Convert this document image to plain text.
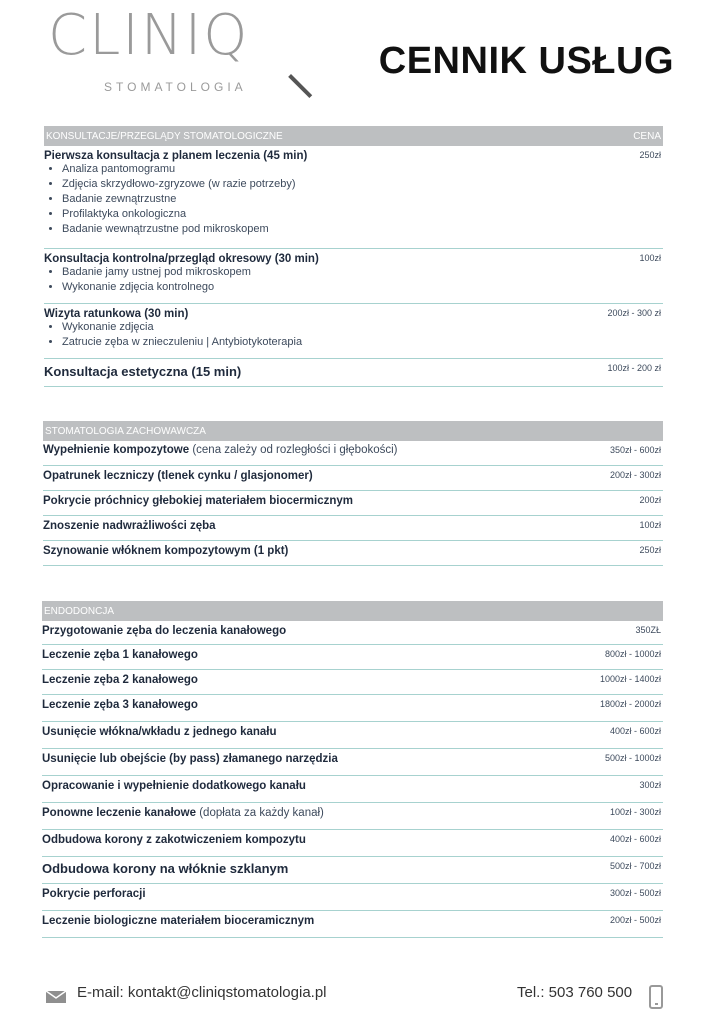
CLINIQ
STOMATOLOGIA
CENNIK USŁUG
KONSULTACJE/PRZEGLĄDY STOMATOLOGICZNE	CENA
Pierwsza konsultacja z planem leczenia (45 min)	250zł
• Analiza pantomogramu
• Zdjęcia skrzydłowo-zgryzowe (w razie potrzeby)
• Badanie zewnątrzustne
• Profilaktyka onkologiczna
• Badanie wewnątrzustne pod mikroskopem
Konsultacja kontrolna/przegląd okresowy (30 min)	100zł
• Badanie jamy ustnej pod mikroskopem
• Wykonanie zdjęcia kontrolnego
Wizyta ratunkowa (30 min)	200zł - 300 zł
• Wykonanie zdjęcia
• Zatrucie zęba w znieczuleniu | Antybiotykoterapia
Konsultacja estetyczna (15 min)	100zł - 200 zł
STOMATOLOGIA ZACHOWAWCZA
Wypełnienie kompozytowe (cena zależy od rozległości i głębokości)	350zł - 600zł
Opatrunek leczniczy (tlenek cynku / glasjonomer)	200zł - 300zł
Pokrycie próchnicy głebokiej materiałem biocermicznym	200zł
Znoszenie nadwrażliwości zęba	100zł
Szynowanie włóknem kompozytowym (1 pkt)	250zł
ENDODONCJA
Przygotowanie zęba do leczenia kanałowego	350ZŁ
Leczenie zęba 1 kanałowego	800zł - 1000zł
Leczenie zęba 2 kanałowego	1000zł - 1400zł
Leczenie zęba 3 kanałowego	1800zł - 2000zł
Usunięcie włókna/wkładu z jednego kanału	400zł - 600zł
Usunięcie lub obejście (by pass) złamanego narzędzia	500zł - 1000zł
Opracowanie i wypełnienie dodatkowego kanału	300zł
Ponowne leczenie kanałowe (dopłata za każdy kanał)	100zł - 300zł
Odbudowa korony z zakotwiczeniem kompozytu	400zł - 600zł
Odbudowa korony na włóknie szklanym	500zł - 700zł
Pokrycie perforacji	300zł - 500zł
Leczenie biologiczne materiałem bioceramicznym	200zł - 500zł
E-mail: kontakt@cliniqstomatologia.pl	Tel.: 503 760 500
